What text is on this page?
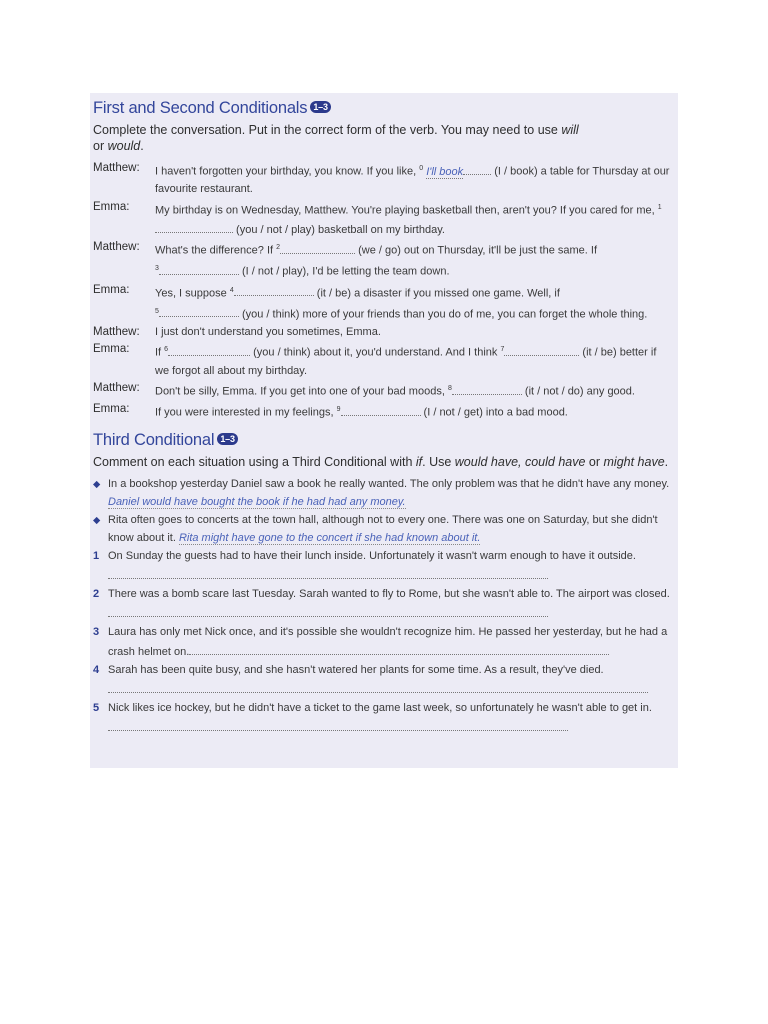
First and Second Conditionals 1–3

Complete the conversation. Put in the correct form of the verb. You may need to use will
or would.

Matthew:	I haven't forgotten your birthday, you know. If you like, $^0$ I'll book	(I / book) a table for Thursday at our favourite restaurant.
Emma:	My birthday is on Wednesday, Matthew. You're playing basketball then, aren't you? If you cared for me, $^1$ (you / not / play) basketball on my birthday.
Matthew:	What's the difference? If $^2$	(we / go) out on Thursday, it'll be just the same. If
$^3$	(I / not / play), I'd be letting the team down.
Emma:	Yes, I suppose $^4$	(it / be) a disaster if you missed one game. Well, if
$^5$	(you / think) more of your friends than you do of me, you can forget the whole thing.
Matthew:	I just don't understand you sometimes, Emma.
Emma:	If $^6$	(you / think) about it, you'd understand. And I think $^7$	(it / be) better if we forgot all about my birthday.
Matthew:	Don't be silly, Emma. If you get into one of your bad moods, $^8$	(it / not / do) any good.
Emma:	If you were interested in my feelings, $^9$	(I / not / get) into a bad mood.
Third Conditional 1–3

Comment on each situation using a Third Conditional with if. Use would have, could have or might have.

◆ In a bookshop yesterday Daniel saw a book he really wanted. The only problem was that he didn't have any money. Daniel would have bought the book if he had had any money.
◆ Rita often goes to concerts at the town hall, although not to every one. There was one on Saturday, but she didn't know about it. Rita might have gone to the concert if she had known about it.
1 On Sunday the guests had to have their lunch inside. Unfortunately it wasn't warm enough to have it outside.
2 There was a bomb scare last Tuesday. Sarah wanted to fly to Rome, but she wasn't able to. The airport was closed.
3 Laura has only met Nick once, and it's possible she wouldn't recognize him. He passed her yesterday, but he had a crash helmet on.
4 Sarah has been quite busy, and she hasn't watered her plants for some time. As a result, they've died.

5 Nick likes ice hockey, but he didn't have a ticket to the game last week, so unfortunately he wasn't able to get in.
